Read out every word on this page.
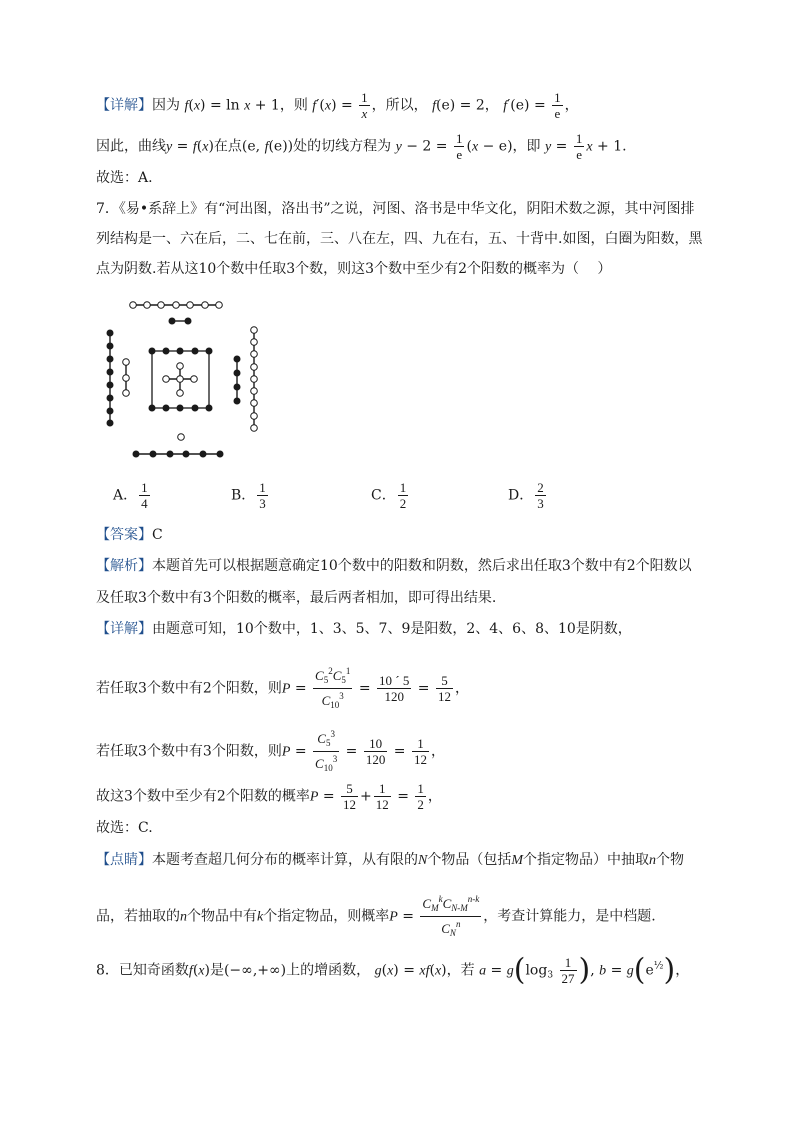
【详解】因为 f(x) = ln x + 1，则 $f'(x) = \frac{1}{x}$ ，所以， f(e) = 2， $f'(e) = \frac{1}{e}$ ，
因此，曲线y = f(x)在点(e, f(e))处的切线方程为 $y - 2 = \frac{1}{e} (x - e)$，即 $y = \frac{1}{e}$ x + 1.
故选：A.
7．《易•系辞上》有“河出图，洛出书”之说，河图、洛书是中华文化，阴阳术数之源，其中河图排
列结构是一、六在后，二、七在前，三、八在左，四、九在右，五、十背中.如图，白圈为阳数，黑
点为阴数.若从这10个数中任取3个数，则这3个数中至少有2个阳数的概率为（　 ）
A． $\frac{1}{4}$	B． $\frac{1}{3}$	C． $\frac{1}{2}$	D． $\frac{2}{3}$
【答案】C
【解析】本题首先可以根据题意确定10个数中的阳数和阴数，然后求出任取3个数中有2个阳数以
及任取3个数中有3个阳数的概率，最后两者相加，即可得出结果.
【详解】由题意可知，10个数中，1、3、5、7、9是阳数，2、4、6、8、10是阴数，
若任取3个数中有2个阳数，则$P = \frac{C_5^2C_5^1}{C_{10}^3} = \frac{10 ´ 5}{120} = \frac{5}{12}$ ，
若任取3个数中有3个阳数，则$P = \frac{C_5^3}{C_{10}^3} = \frac{10}{120} = \frac{1}{12}$ ，
故这3个数中至少有2个阳数的概率$P = \frac{5}{12} + \frac{1}{12} = \frac{1}{2}$ ，
故选：C.
【点睛】本题考查超几何分布的概率计算，从有限的N个物品（包括M个指定物品）中抽取n个物
品，若抽取的n个物品中有k个指定物品，则概率$P = \frac{C_M^kC_{N-M}^{n-k}}{C_N^n}$ ，考查计算能力，是中档题.
8．已知奇函数f(x)是(−∞,+∞)上的增函数， g(x) = xf(x)，若 $a = g(\log_3 \frac{1}{27}$ ), $b = g(e^{\frac{1}{2}})$，
